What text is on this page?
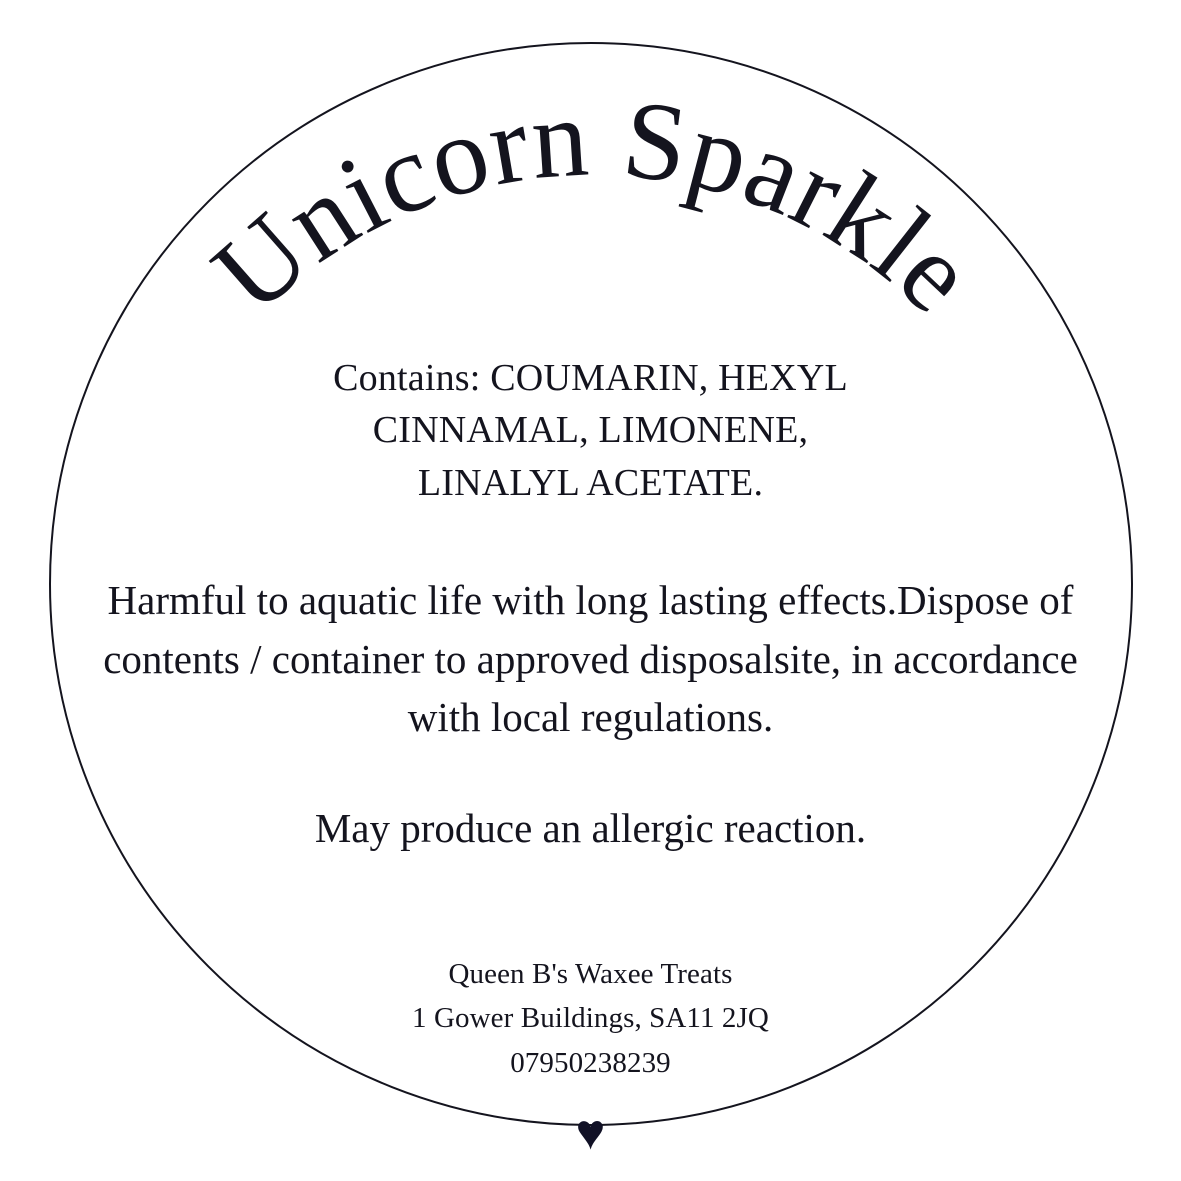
Unicorn Sparkle
Contains: COUMARIN, HEXYL
CINNAMAL, LIMONENE,
LINALYL ACETATE.
Harmful to aquatic life with long lasting effects.Dispose of contents / container to approved disposalsite, in accordance with local regulations.
May produce an allergic reaction.
Queen B's Waxee Treats
1 Gower Buildings, SA11 2JQ
07950238239
♥
